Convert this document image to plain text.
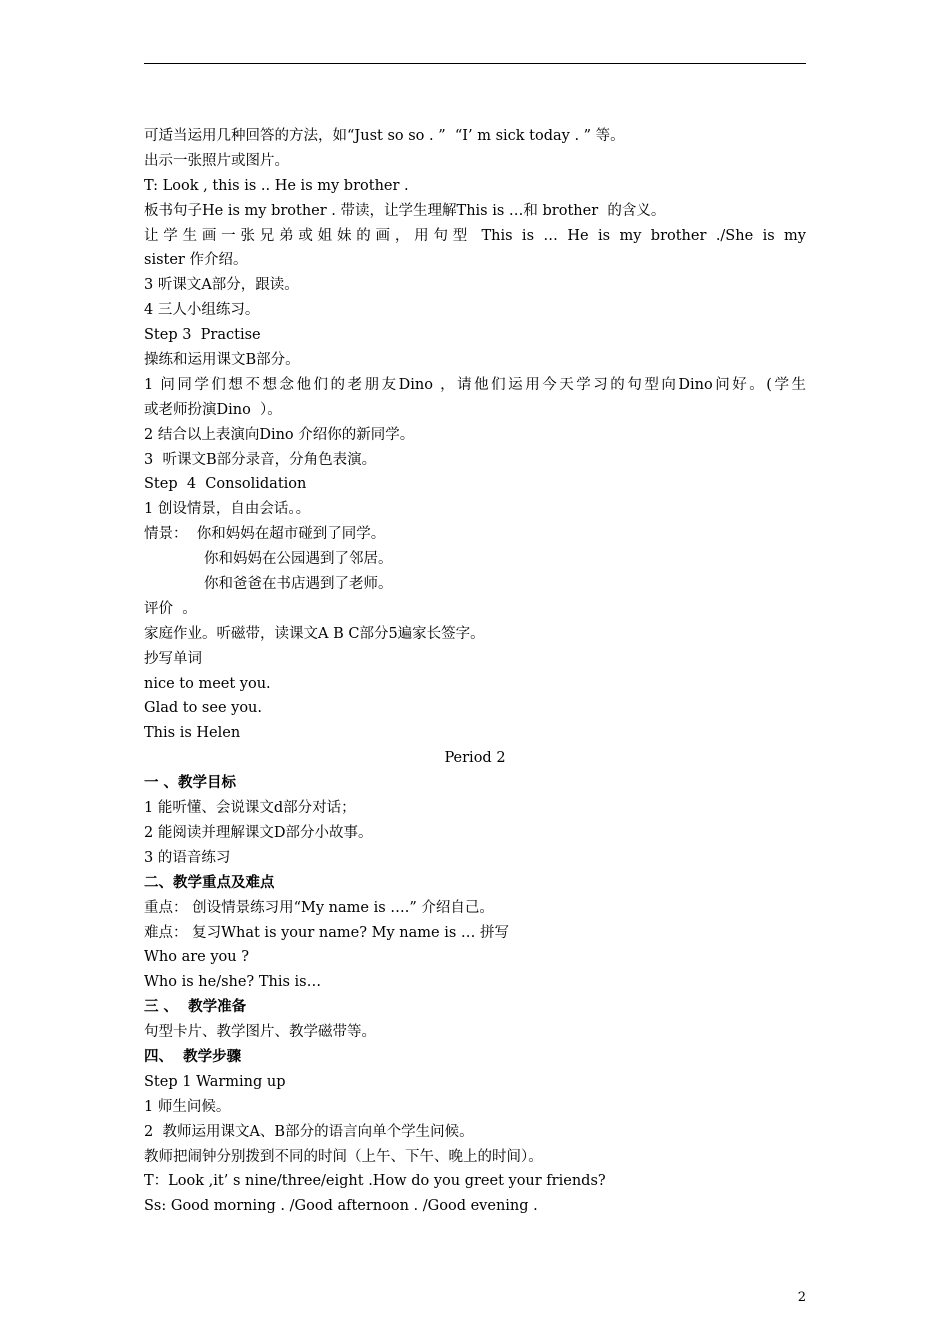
可适当运用几种回答的方法，如“Just so so . ”  “I’ m sick today . ” 等。
出示一张照片或图片。
T: Look , this is .. He is my brother .
板书句子He is my brother . 带读，让学生理解This is …和 brother  的含义。
让学生画一张兄弟或姐妹的画，用句型 This is … He is my brother ./She is my
sister 作介绍。
3 听课文A部分，跟读。
4 三人小组练习。
Step 3  Practise
操练和运用课文B部分。
1 问同学们想不想念他们的老朋友Dino ，请他们运用今天学习的句型向Dino问好。(学生
或老师扮演Dino  ）。
2 结合以上表演向Dino 介绍你的新同学。
3  听课文B部分录音，分角色表演。
Step  4  Consolidation
1 创设情景，自由会话。。
情景：  你和妈妈在超市碰到了同学。
你和妈妈在公园遇到了邻居。
你和爸爸在书店遇到了老师。
评价  。
家庭作业。听磁带，读课文A B C部分5遍家长签字。
抄写单词
nice to meet you.
Glad to see you.
This is Helen
Period 2
一 、教学目标
1 能听懂、会说课文d部分对话；
2 能阅读并理解课文D部分小故事。
3 的语音练习
二、教学重点及难点
重点： 创设情景练习用“My name is ….” 介绍自己。
难点： 复习What is your name? My name is … 拼写
Who are you ?
Who is he/she? This is…
三 、  教学准备
句型卡片、教学图片、教学磁带等。
四、  教学步骤
Step 1 Warming up
1 师生问候。
2  教师运用课文A、B部分的语言向单个学生问候。
教师把闹钟分别拨到不同的时间（上午、下午、晚上的时间）。
T：Look ,it’ s nine/three/eight .How do you greet your friends?
Ss: Good morning . /Good afternoon . /Good evening .
2
